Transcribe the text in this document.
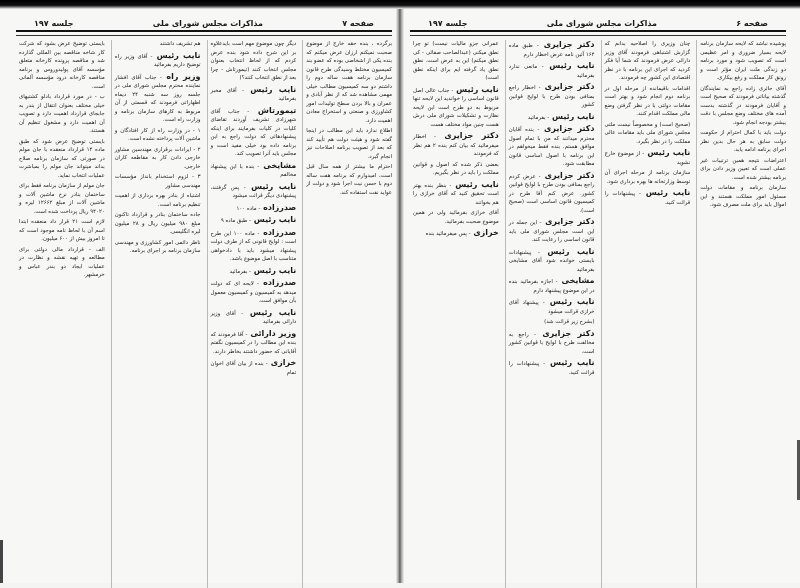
صفحه ۷
مذاکرات مجلس شورای ملی
جلسه ۱۹۷

برگرده ، بنده حقه خارج از موضوع صحبت نمیکنم ارزان عرض میکنم که بنده یکی از اشخاصی بوده که عضو بند کمیسیون مختلط وسیدگی طرح قانون سازمان برنامه هفت ساله دوم را داشتم دو سه کمیسیون مطالب خیلی مهمی مشاهده شد که از نظر آبادی و عمران و بالا بردن سطح تولیدات امور کشاورزی و صنعتی و استخراج معادن اهمیت دارد.

اطلاع ندارد باید این مطالب در اینجا گفته شود و هیئت دولت هم تأیید کند که بعد از تصویب برنامه اصلاحات نیز انجام گیرد.

احترام ما بیشتر از همه سال قبل است، امیدوارم که برنامه هفت ساله دوم با حسن نیت اجرا شود و دولت از عواید نفت استفاده کند.

دیگر چون موضوع مهم است بایدعلاوه بر این شرح داده شود بنده عرض کردم که از لحاظ انتخاب بعنوان مجلس انتخاب کنند (تیمورتاش - چرا بعد از نطق انتخاب کنند؟)

نایب رئیس - آقای مخبر بفرمائید

تیمورتاش - جناب آقای شهرزادی تشریف آوردند تقاضای کلیات در کلیات بفرمایند برای اینکه پیشنهادهائی که دولت راجع به این برنامه داده بود خیلی مفید است و مجلس باید آنرا تصویب کند.

مشایخی - بنده با این پیشنهاد مخالفم

نایب رئیس - پس گرفتند، پیشنهادی دیگر قرائت میشود

صدرزاده - ماده ۱۰۰

نایب رئیس - طبق ماده ۹

صدرزاده - ماده ۱۰۰ این طرح است : لوایح قانونی که از طرف دولت پیشنهاد میشود باید با دادخواهی متناسب با اصل موضوع باشد.

نایب رئیس - بفرمائید

صدرزاده - لایحه ای که دولت میدهد به کمیسیون و کمیسیون معمول بآن موافق است.

نایب رئیس - آقای وزیر دارائی بفرمائید

وزیر دارائی - آقا فرمودند که بنده این مطالب را در کمیسیون نگفتم آقایانی که حضور داشتند بخاطر دارند.

خرازی - بنده از بیان آقای اخوان تمام

هم تشریف داشتند

نایب رئیس - آقای وزیر راه توضیح داریم بفرمائید

وزیر راه - جناب آقای افشار نماینده محترم مجلس شورای ملی در جلسه روز سه شنبه ۲۴ دیماه اظهاراتی فرمودند که قسمتی از آن مربوط به کارهای سازمان برنامه و وزارت راه است.

۱ - در وزارت راه از کار افتادگان و ماشین آلات پرداخته نشده است.

۲ - ایرادات برقراری مهندسین مشاور خارجی دادن کار به مقاطعه کاران خارجی.

۳ - لزوم استخدام بانداز مؤسسات مهندسی مشاور

اشتباه از بنادر بهره برداری از اهمیت تنظیم برنامه است.

جاده ساختمان بنادر و قرارداد تاکنون مبلغ ۹۸۰ میلیون ریال و ۲۸ میلیون لیره انگلیسی.

ناظر دائمی امور کشاورزی و مهندسی سازمان برنامه بر اجرای برنامه.

بایستی توضیح عرض بشود که شرکت کار شاخه مناقصه بین المللی گذارده شد و مناقصه پرونده کارخانه متعلق مؤسسه آقای پولیدوروس و برنامه مناقصه کارخانه درود مؤسسه آلمانی است.

ب - در مورد قرارداد بادلو کشتیهای خیلی مختلف بعنوان انتقال از بندر به جابجای قرارداد اهمیت دارد و تصویب آن اهمیت دارد و مشغول تنظیم آن هستند.

بایستی توضیح عرض شود که طبق ماده ۱۴ قرارداد منعقده با جان مولم در صورتی که سازمان برنامه صلاح بداند میتواند جان مولم را بمباشرت عملیات انتخاب نماید.

جان مولم از سازمان برنامه فقط برای ساختمان بنادر نرخ ماشین آلات و ماشین آلات از مبلغ ۱۲۶۶۲ لیره و ۹۴۰۲۰ ریال پرداخت شده است.

لازم است ۲۱ قرار داد منعقده ابتدا اسم آن با لحاظ نامه موجود است که تا امروز بیش از ۶۰۰ میلیون.

الف - قرارداد مالی دولتی برای مطالعه و تهیه نقشه و نظارت در عملیات ایجاد دو بندر عباس و خرمشهر.

صفحه ۶
مذاکرات مجلس شورای ملی
جلسه ۱۹۷

پوشیده نباشد که لایحه سازمان برنامه لایحه بسیار ضروری و امر عظیمی است که تصویب شود و مورد برنامه دو زندگی ملت ایران مؤثر است و رونق کار مملکت و رفع بیکاری.

آقای حائری زاده راجع به نمایندگان گذشته بیاناتی فرمودند که صحیح است و آقایان فرمودند در گذشته بدست آمده های مختلف وضع مجلس با دقت بیشتر بودجه انجام شود.

دولت باید با کمال احترام از حکومت دولت سابق به هر حال بدین نظر اجرای برنامه ادامه یابد.

اعتراضات نتیجه همین ترتیبات غیر عملی است که تعیین وزیر دادن برای برنامه بیشتر شده است.

سازمان برنامه و مقامات دولت مسئول امور مملکت هستند و این اموال باید برای ملت مصرف شود.

چنان وزیری را اصلاحیه بدانم که گزارش اشتباهی فرمودند آقای وزیر دارائی عرض فرمودند که شما آیا فکر کردید که اجرای این برنامه با در نظر اقتصادی این کشور چه فرمودند.

اقدامات باقیمانده از مرحله اول در برنامه دوم انجام شود و بهتر است مقامات دولتی با در نظر گرفتن وضع مالی مملکت اقدام کنند.

(صحیح است) و مخصوصاً نیست ملتی مجلس شورای ملی باید مقامات عالی مملکت را در نظر بگیرد.

نایب رئیس - از موضوع خارج نشوید

سازمان برنامه از مرحله اجرای آن توسط وزارتخانه ها بهره برداری شود.

نایب رئیس - پیشنهادات را قرائت کنید.

دکتر جزایری - طبق ماده ۱۶۴ آئین نامه عرض اخطار دارم

نایب رئیس - مانعی ندارد بفرمائید

دکتر جزایری - اخطار راجع بمنافی بودن طرح با لوایح قوانین کشور

نایب رئیس - بفرمائید

دکتر جزایری - بنده آقایان محترم میدانند که من با تمام اصول موافق هستم. بنده فقط میخواهم در این برنامه با اصول اساسی قانون مطابقت شود.

دکتر جزایری - عرض کردم راجع بمنافی بودن طرح با لوایح قوانین کشور. عرض کنم آقا طرح در کمیسیون قانون اساسی است (صحیح است).

دکتر جزایری - این جمله در این است مجلس شورای ملی باید قانون اساسی را رعایت کند.

نایب رئیس - پیشنهادات بایستی خوانده شود آقای مشایخی بفرمائید

مشایخی - اجازه بفرمائید بنده در این موضوع پیشنهاد دارم

نایب رئیس - پیشنهاد آقای خرازی قرائت میشود

(بشرح زیر قرائت شد)

دکتر جزایری - راجع به مخالفت طرح با لوایح با قوانین کشور است.

نایب رئیس - پیشنهادات را قرائت کنید.

عمرانی جزو مالیات نیست) تو چرا نطق میکنی (عبدالصاحب صفائی - کی نطق میکنم) این به عرض است. نطق نطق یاد گرفته ایم برای اینکه نطق است)

نایب رئیس - جناب عالی اصل قانون اساسی را خواندید این لایحه تنها مربوط به دو طرح است این لایحه نظارت و تشکیلات شورای ملی درش هست چنین مواد مختلف هست

دکتر جزایری - اخطار میفرمائید که بیان کنم بنده ۲ هم نظر که فرمودند

بعضی ذکر شده که اصول و قوانین مملکت را باید در نظر بگیریم.

نایب رئیس - بنظر بنده بهتر است تحقیق کنید که آقای خرازی را هم بخوانند

آقای خرازی بفرمائید ولی در همین موضوع صحبت بفرمائید.

خرازی - پس میفرمائید بنده
